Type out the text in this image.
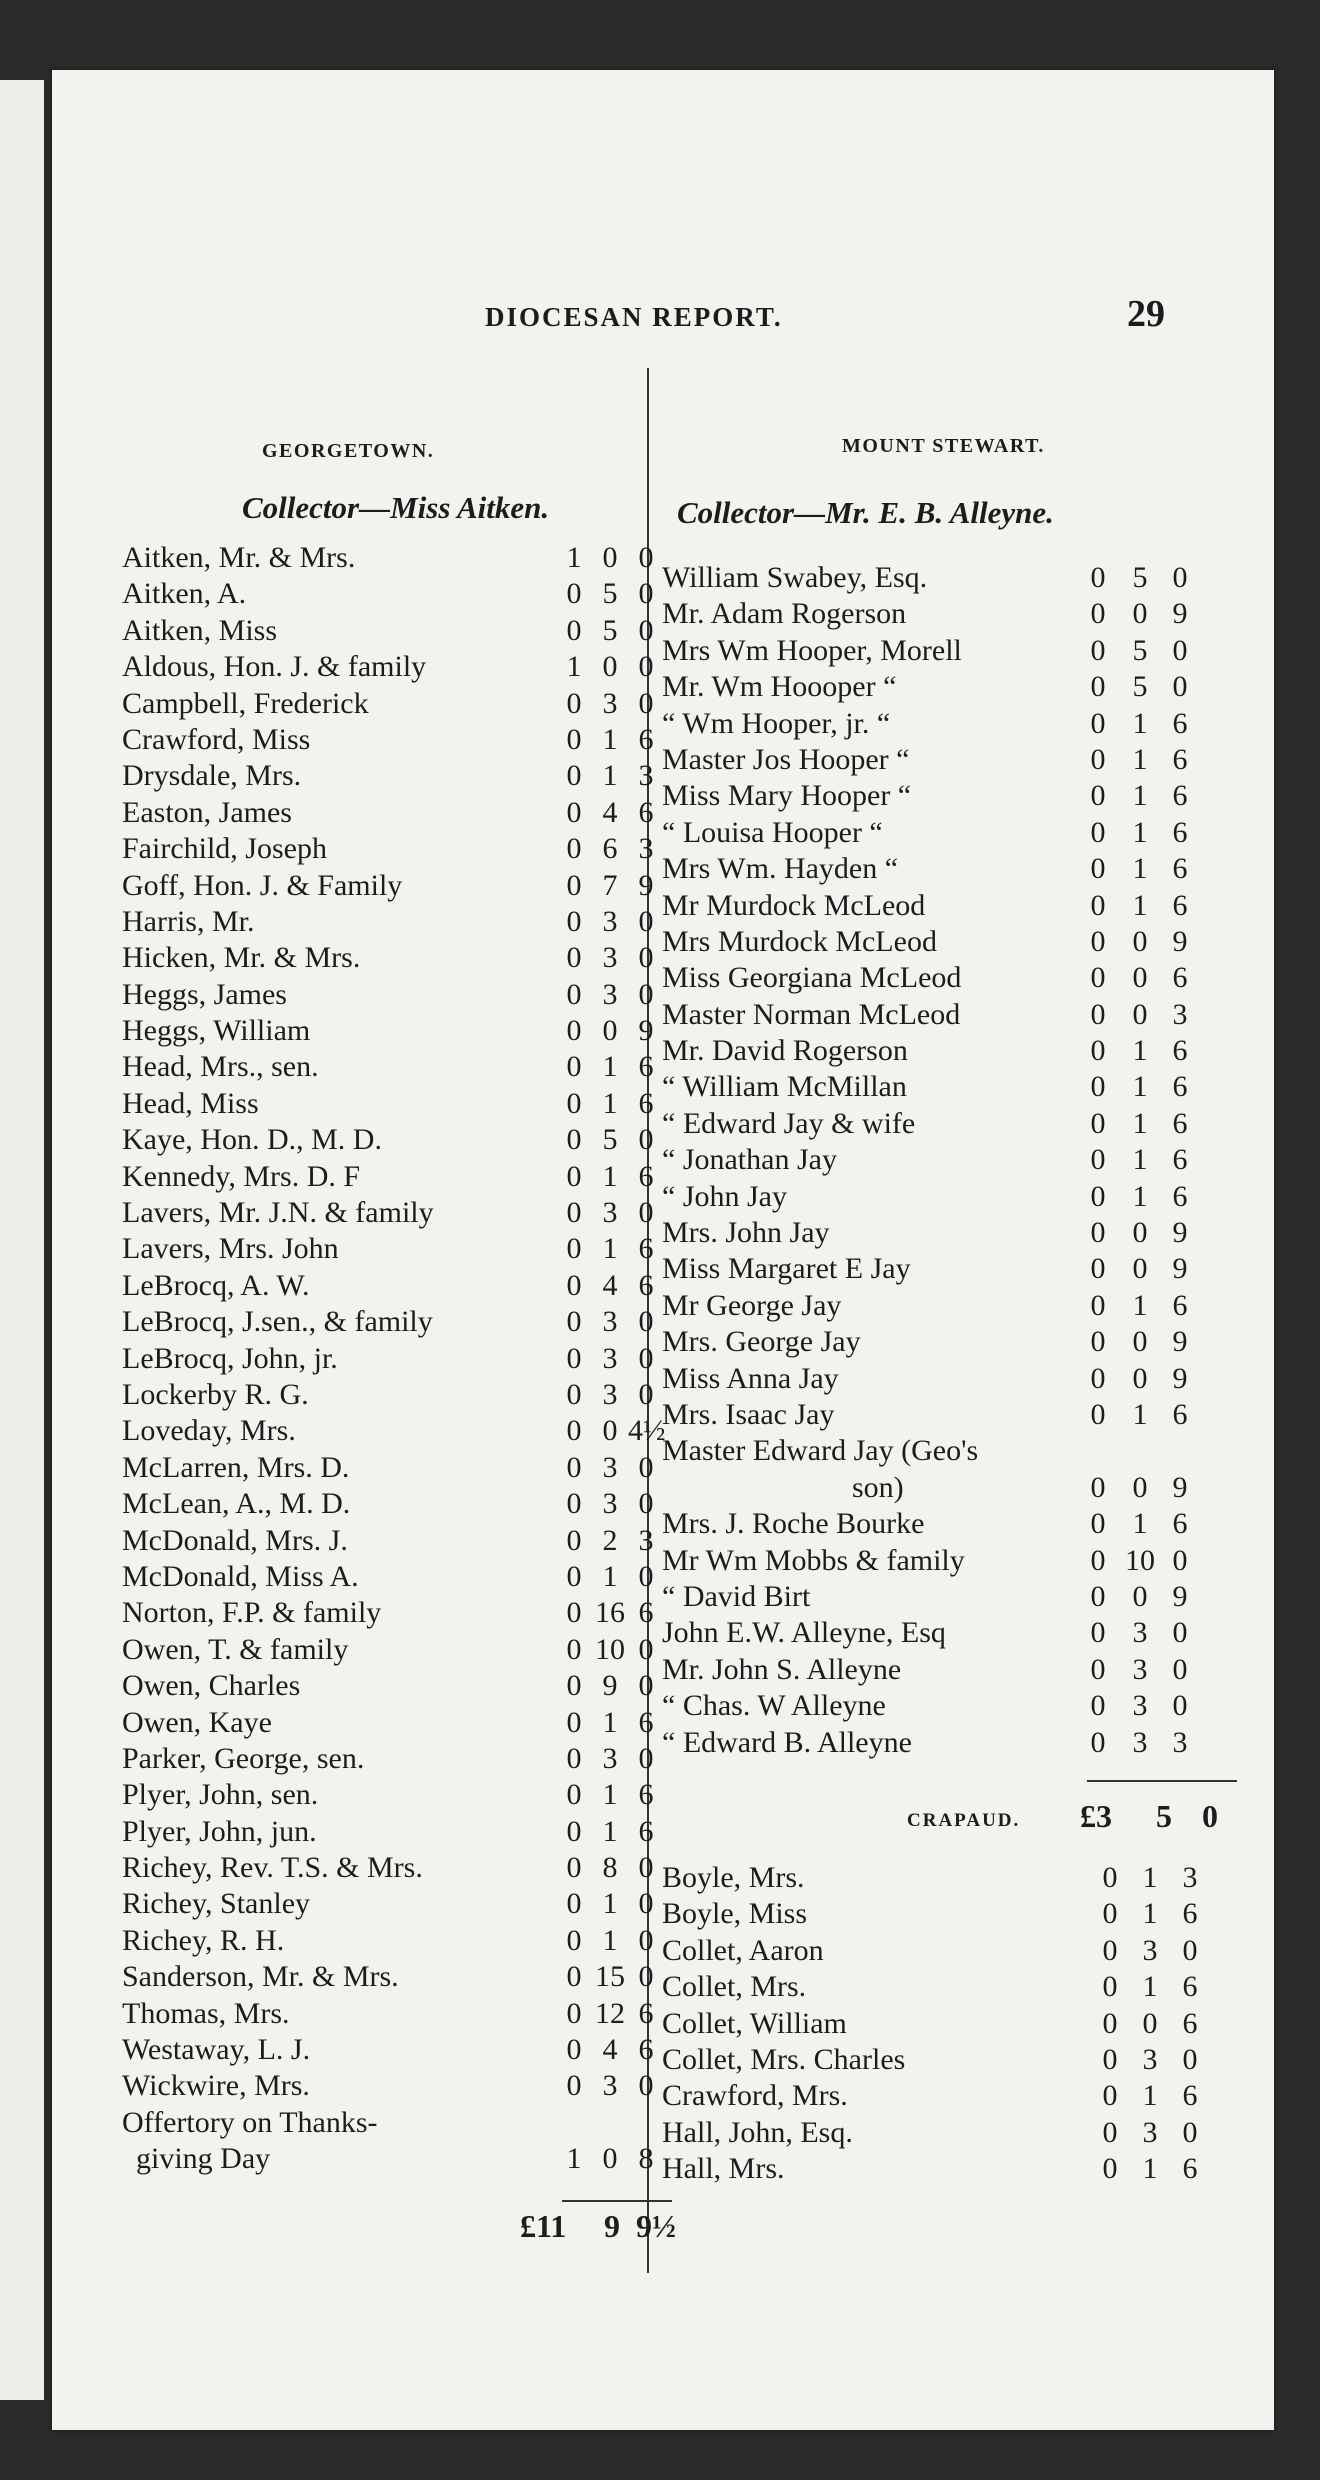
DIOCESAN REPORT.	29
GEORGETOWN.
Collector—Miss Aitken.
Aitken, Mr. & Mrs.	1 0 0
Aitken, A.	0 5 0
Aitken, Miss	0 5 0
Aldous, Hon. J. & family	1 0 0
Campbell, Frederick	0 3 0
Crawford, Miss	0 1 6
Drysdale, Mrs.	0 1 3
Easton, James	0 4 6
Fairchild, Joseph	0 6 3
Goff, Hon. J. & Family	0 7 9
Harris, Mr.	0 3 0
Hicken, Mr. & Mrs.	0 3 0
Heggs, James	0 3 0
Heggs, William	0 0 9
Head, Mrs., sen.	0 1 6
Head, Miss	0 1 6
Kaye, Hon. D., M. D.	0 5 0
Kennedy, Mrs. D. F	0 1 6
Lavers, Mr. J.N. & family	0 3 0
Lavers, Mrs. John	0 1 6
LeBrocq, A. W.	0 4 6
LeBrocq, J.sen., & family	0 3 0
LeBrocq, John, jr.	0 3 0
Lockerby R. G.	0 3 0
Loveday, Mrs.	0 0 4½
McLarren, Mrs. D.	0 3 0
McLean, A., M. D.	0 3 0
McDonald, Mrs. J.	0 2 3
McDonald, Miss A.	0 1 0
Norton, F.P. & family	0 16 6
Owen, T. & family	0 10 0
Owen, Charles	0 9 0
Owen, Kaye	0 1 6
Parker, George, sen.	0 3 0
Plyer, John, sen.	0 1 6
Plyer, John, jun.	0 1 6
Richey, Rev. T.S. & Mrs.	0 8 0
Richey, Stanley	0 1 0
Richey, R. H.	0 1 0
Sanderson, Mr. & Mrs.	0 15 0
Thomas, Mrs.	0 12 6
Westaway, L. J.	0 4 6
Wickwire, Mrs.	0 3 0
Offertory on Thanks-
giving Day	1 0 8
£11 9 9½
MOUNT STEWART.
Collector—Mr. E. B. Alleyne.
William Swabey, Esq.	0 5 0
Mr. Adam Rogerson	0 0 9
Mrs Wm Hooper, Morell	0 5 0
Mr. Wm Hoooper “	0 5 0
“ Wm Hooper, jr. “	0 1 6
Master Jos Hooper “	0 1 6
Miss Mary Hooper “	0 1 6
“ Louisa Hooper “	0 1 6
Mrs Wm. Hayden “	0 1 6
Mr Murdock McLeod	0 1 6
Mrs Murdock McLeod	0 0 9
Miss Georgiana McLeod	0 0 6
Master Norman McLeod	0 0 3
Mr. David Rogerson	0 1 6
“ William McMillan	0 1 6
“ Edward Jay & wife	0 1 6
“ Jonathan Jay	0 1 6
“ John Jay	0 1 6
Mrs. John Jay	0 0 9
Miss Margaret E Jay	0 0 9
Mr George Jay	0 1 6
Mrs. George Jay	0 0 9
Miss Anna Jay	0 0 9
Mrs. Isaac Jay	0 1 6
Master Edward Jay (Geo's
son)	0 0 9
Mrs. J. Roche Bourke	0 1 6
Mr Wm Mobbs & family	0 10 0
“ David Birt	0 0 9
John E.W. Alleyne, Esq	0 3 0
Mr. John S. Alleyne	0 3 0
“ Chas. W Alleyne	0 3 0
“ Edward B. Alleyne	0 3 3
£3 5 0
CRAPAUD.
Boyle, Mrs.	0 1 3
Boyle, Miss	0 1 6
Collet, Aaron	0 3 0
Collet, Mrs.	0 1 6
Collet, William	0 0 6
Collet, Mrs. Charles	0 3 0
Crawford, Mrs.	0 1 6
Hall, John, Esq.	0 3 0
Hall, Mrs.	0 1 6
